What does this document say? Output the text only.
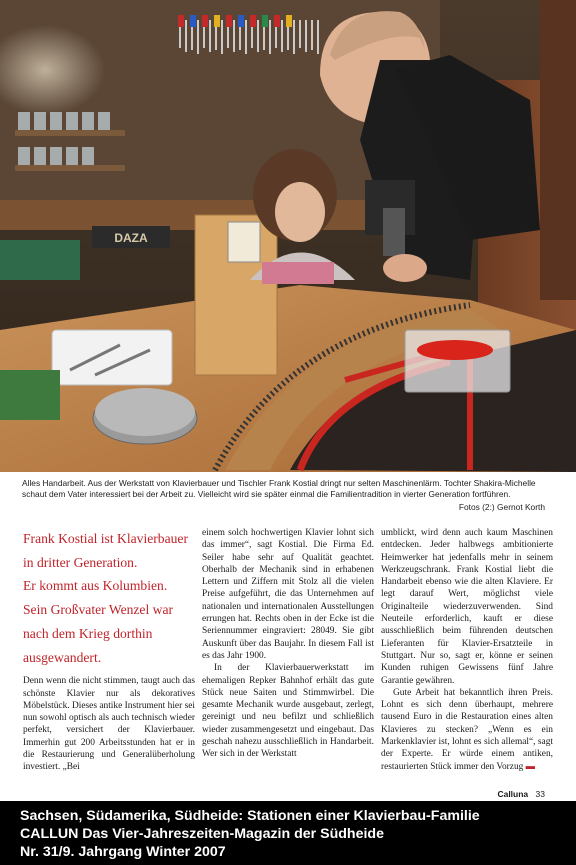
DAZA

Alles Handarbeit. Aus der Werkstatt von Klavierbauer und Tischler Frank Kostial dringt nur selten Maschinenlärm. Tochter Shakira-Michelle schaut dem Vater interessiert bei der Arbeit zu. Vielleicht wird sie später einmal die Familientradition in vierter Generation fortführen.

Fotos (2:) Gernot Korth
Frank Kostial ist Klavierbauer
in dritter Generation.
Er kommt aus Kolumbien.
Sein Großvater Wenzel war
nach dem Krieg dorthin
ausgewandert.

Denn wenn die nicht stimmen, taugt auch das schönste Klavier nur als dekoratives Möbelstück. Dieses antike Instrument hier sei nun sowohl optisch als auch technisch wieder perfekt, versichert der Klavierbauer. Immerhin gut 200 Arbeitsstunden hat er in die Restaurierung und Generalüberholung investiert. „Bei

einem solch hochwertigen Klavier lohnt sich das immer“, sagt Kostial. Die Firma Ed. Seiler habe sehr auf Qualität geachtet. Oberhalb der Mechanik sind in erhabenen Lettern und Ziffern mit Stolz all die vielen Preise aufgeführt, die das Unternehmen auf nationalen und internationalen Ausstellungen errungen hat. Rechts oben in der Ecke ist die Seriennummer eingraviert: 28049. Sie gibt Auskunft über das Baujahr. In diesem Fall ist es das Jahr 1900.

In der Klavierbauerwerkstatt im ehemaligen Repker Bahnhof erhält das gute Stück neue Saiten und Stimmwirbel. Die gesamte Mechanik wurde ausgebaut, zerlegt, gereinigt und neu befilzt und schließlich wieder zusammengesetzt und eingebaut. Das geschah nahezu ausschließlich in Handarbeit. Wer sich in der Werkstatt

umblickt, wird denn auch kaum Maschinen entdecken. Jeder halbwegs ambitionierte Heimwerker hat jedenfalls mehr in seinem Werkzeugschrank. Frank Kostial liebt die Handarbeit ebenso wie die alten Klaviere. Er legt darauf Wert, möglichst viele Originalteile wiederzuverwenden. Sind Neuteile erforderlich, kauft er diese ausschließlich beim führenden deutschen Lieferanten für Klavier-Ersatzteile in Stuttgart. Nur so, sagt er, könne er seinen Kunden ruhigen Gewissens fünf Jahre Garantie gewähren.

Gute Arbeit hat bekanntlich ihren Preis. Lohnt es sich denn überhaupt, mehrere tausend Euro in die Restauration eines alten Klavieres zu stecken? „Wenn es ein Markenklavier ist, lohnt es sich allemal“, sagt der Experte. Er würde einem antiken, restaurierten Stück immer den Vorzug ▬

Calluna 33
Sachsen, Südamerika, Südheide: Stationen einer Klavierbau-Familie
CALLUN Das Vier-Jahreszeiten-Magazin der Südheide
Nr. 31/9. Jahrgang Winter 2007
